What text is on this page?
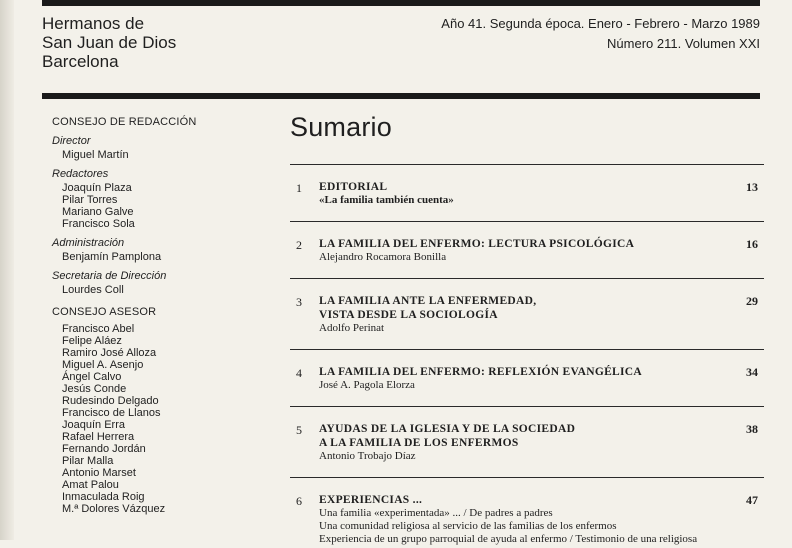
Hermanos de
San Juan de Dios
Barcelona
Año 41. Segunda época. Enero - Febrero - Marzo 1989
Número 211. Volumen XXI
CONSEJO DE REDACCIÓN
Director
Miguel Martín
Redactores
Joaquín Plaza
Pilar Torres
Mariano Galve
Francisco Sola
Administración
Benjamín Pamplona
Secretaria de Dirección
Lourdes Coll
CONSEJO ASESOR
Francisco Abel
Felipe Aláez
Ramiro José Alloza
Miguel A. Asenjo
Ángel Calvo
Jesús Conde
Rudesindo Delgado
Francisco de Llanos
Joaquín Erra
Rafael Herrera
Fernando Jordán
Pilar Malla
Antonio Marset
Amat Palou
Inmaculada Roig
M.ª Dolores Vázquez
Sumario
1 EDITORIAL
«La familia también cuenta»
13
2 LA FAMILIA DEL ENFERMO: LECTURA PSICOLÓGICA
Alejandro Rocamora Bonilla
16
3 LA FAMILIA ANTE LA ENFERMEDAD,
VISTA DESDE LA SOCIOLOGÍA
Adolfo Perinat
29
4 LA FAMILIA DEL ENFERMO: REFLEXIÓN EVANGÉLICA
José A. Pagola Elorza
34
5 AYUDAS DE LA IGLESIA Y DE LA SOCIEDAD
A LA FAMILIA DE LOS ENFERMOS
Antonio Trobajo Díaz
38
6 EXPERIENCIAS ...
Una familia «experimentada» ... / De padres a padres
Una comunidad religiosa al servicio de las familias de los enfermos
Experiencia de un grupo parroquial de ayuda al enfermo / Testimonio de una religiosa
47
